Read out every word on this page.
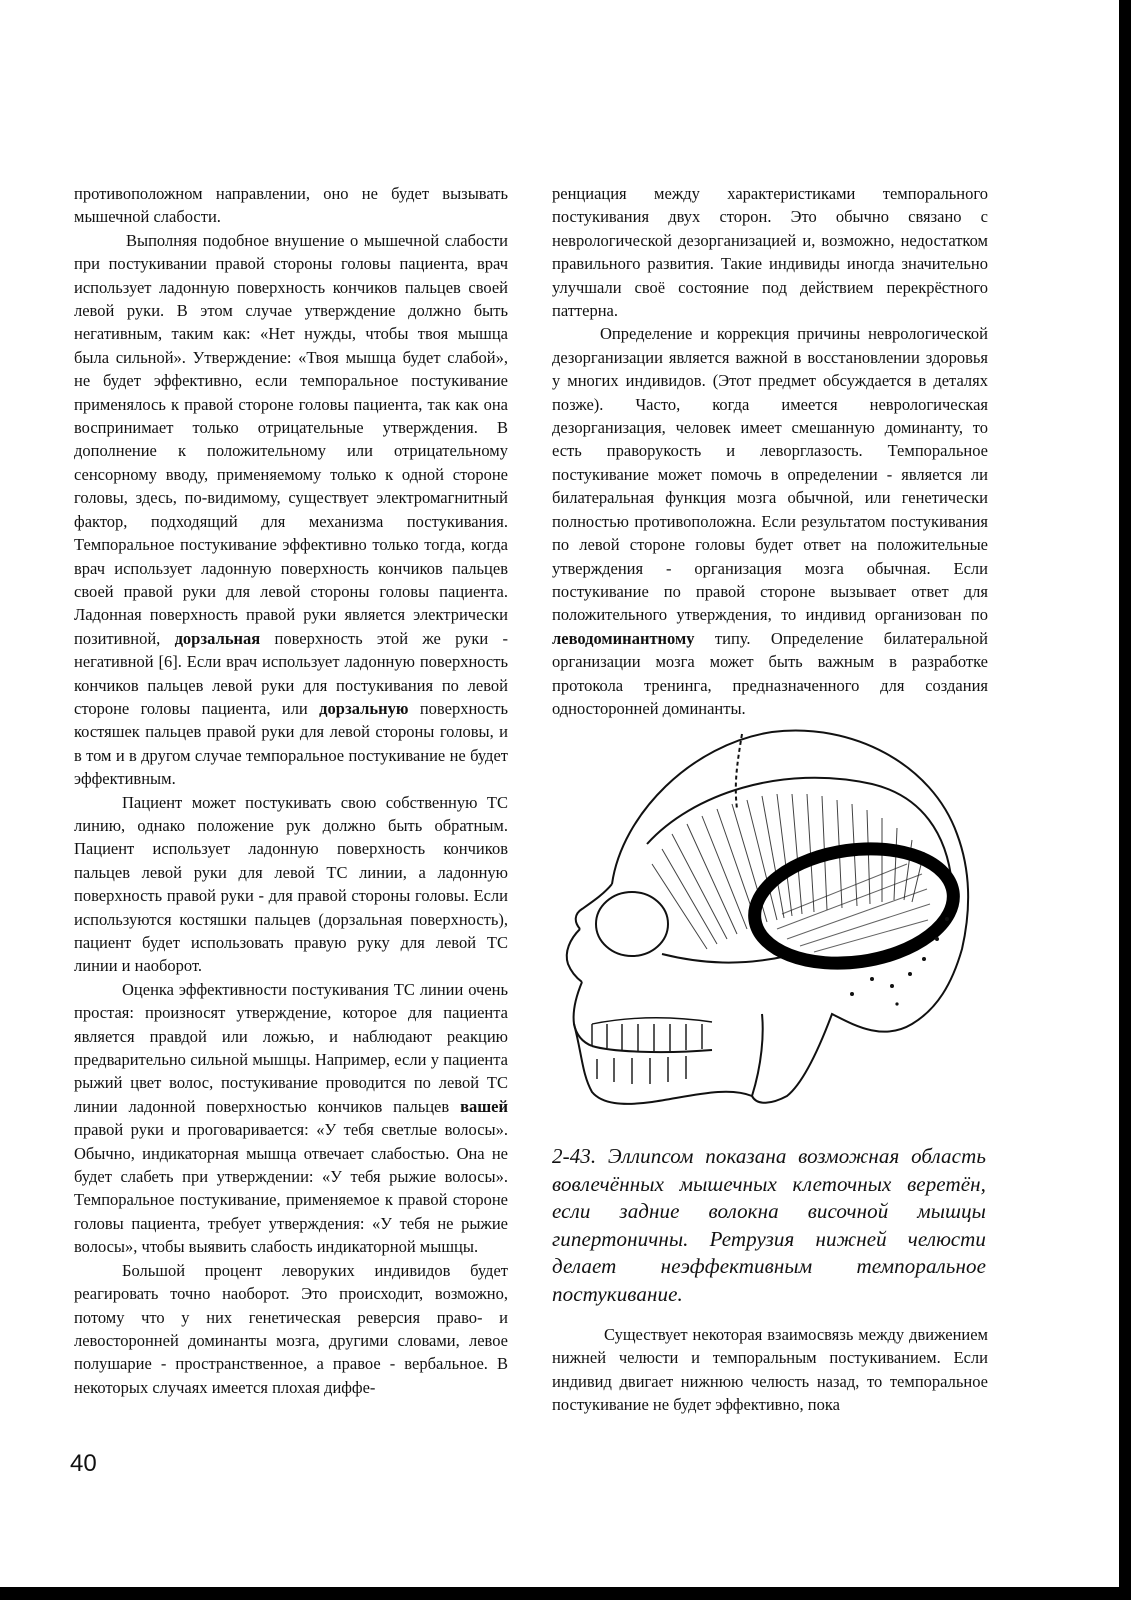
противоположном направлении, оно не будет вызывать мышечной слабости.

Выполняя подобное внушение о мышечной слабости при постукивании правой стороны головы пациента, врач использует ладонную поверхность кончиков пальцев своей левой руки. В этом случае утверждение должно быть негативным, таким как: «Нет нужды, чтобы твоя мышца была сильной». Утверждение: «Твоя мышца будет слабой», не будет эффективно, если темпоральное постукивание применялось к правой стороне головы пациента, так как она воспринимает только отрицательные утверждения. В дополнение к положительному или отрицательному сенсорному вводу, применяемому только к одной стороне головы, здесь, по-видимому, существует электромагнитный фактор, подходящий для механизма постукивания. Темпоральное постукивание эффективно только тогда, когда врач использует ладонную поверхность кончиков пальцев своей правой руки для левой стороны головы пациента. Ладонная поверхность правой руки является электрически позитивной, дорзальная поверхность этой же руки - негативной [6]. Если врач использует ладонную поверхность кончиков пальцев левой руки для постукивания по левой стороне головы пациента, или дорзальную поверхность костяшек пальцев правой руки для левой стороны головы, и в том и в другом случае темпоральное постукивание не будет эффективным.

Пациент может постукивать свою собственную ТС линию, однако положение рук должно быть обратным. Пациент использует ладонную поверхность кончиков пальцев левой руки для левой ТС линии, а ладонную поверхность правой руки - для правой стороны головы. Если используются костяшки пальцев (дорзальная поверхность), пациент будет использовать правую руку для левой ТС линии и наоборот.

Оценка эффективности постукивания ТС линии очень простая: произносят утверждение, которое для пациента является правдой или ложью, и наблюдают реакцию предварительно сильной мышцы. Например, если у пациента рыжий цвет волос, постукивание проводится по левой ТС линии ладонной поверхностью кончиков пальцев вашей правой руки и проговаривается: «У тебя светлые волосы». Обычно, индикаторная мышца отвечает слабостью. Она не будет слабеть при утверждении: «У тебя рыжие волосы». Темпоральное постукивание, применяемое к правой стороне головы пациента, требует утверждения: «У тебя не рыжие волосы», чтобы выявить слабость индикаторной мышцы.

Большой процент леворуких индивидов будет реагировать точно наоборот. Это происходит, возможно, потому что у них генетическая реверсия право- и левосторонней доминанты мозга, другими словами, левое полушарие - пространственное, а правое - вербальное. В некоторых случаях имеется плохая диффе-

ренциация между характеристиками темпорального постукивания двух сторон. Это обычно связано с неврологической дезорганизацией и, возможно, недостатком правильного развития. Такие индивиды иногда значительно улучшали своё состояние под действием перекрёстного паттерна.

Определение и коррекция причины неврологической дезорганизации является важной в восстановлении здоровья у многих индивидов. (Этот предмет обсуждается в деталях позже). Часто, когда имеется неврологическая дезорганизация, человек имеет смешанную доминанту, то есть праворукость и леворглазость. Темпоральное постукивание может помочь в определении - является ли билатеральная функция мозга обычной, или генетически полностью противоположна. Если результатом постукивания по левой стороне головы будет ответ на положительные утверждения - организация мозга обычная. Если постукивание по правой стороне вызывает ответ для положительного утверждения, то индивид организован по леводоминантному типу. Определение билатеральной организации мозга может быть важным в разработке протокола тренинга, предназначенного для создания односторонней доминанты.

2-43. Эллипсом показана возможная область вовлечённых мышечных клеточных веретён, если задние волокна височной мышцы гипертоничны. Ретрузия нижней челюсти делает неэффективным темпоральное постукивание.

Существует некоторая взаимосвязь между движением нижней челюсти и темпоральным постукиванием. Если индивид двигает нижнюю челюсть назад, то темпоральное постукивание не будет эффективно, пока

40
